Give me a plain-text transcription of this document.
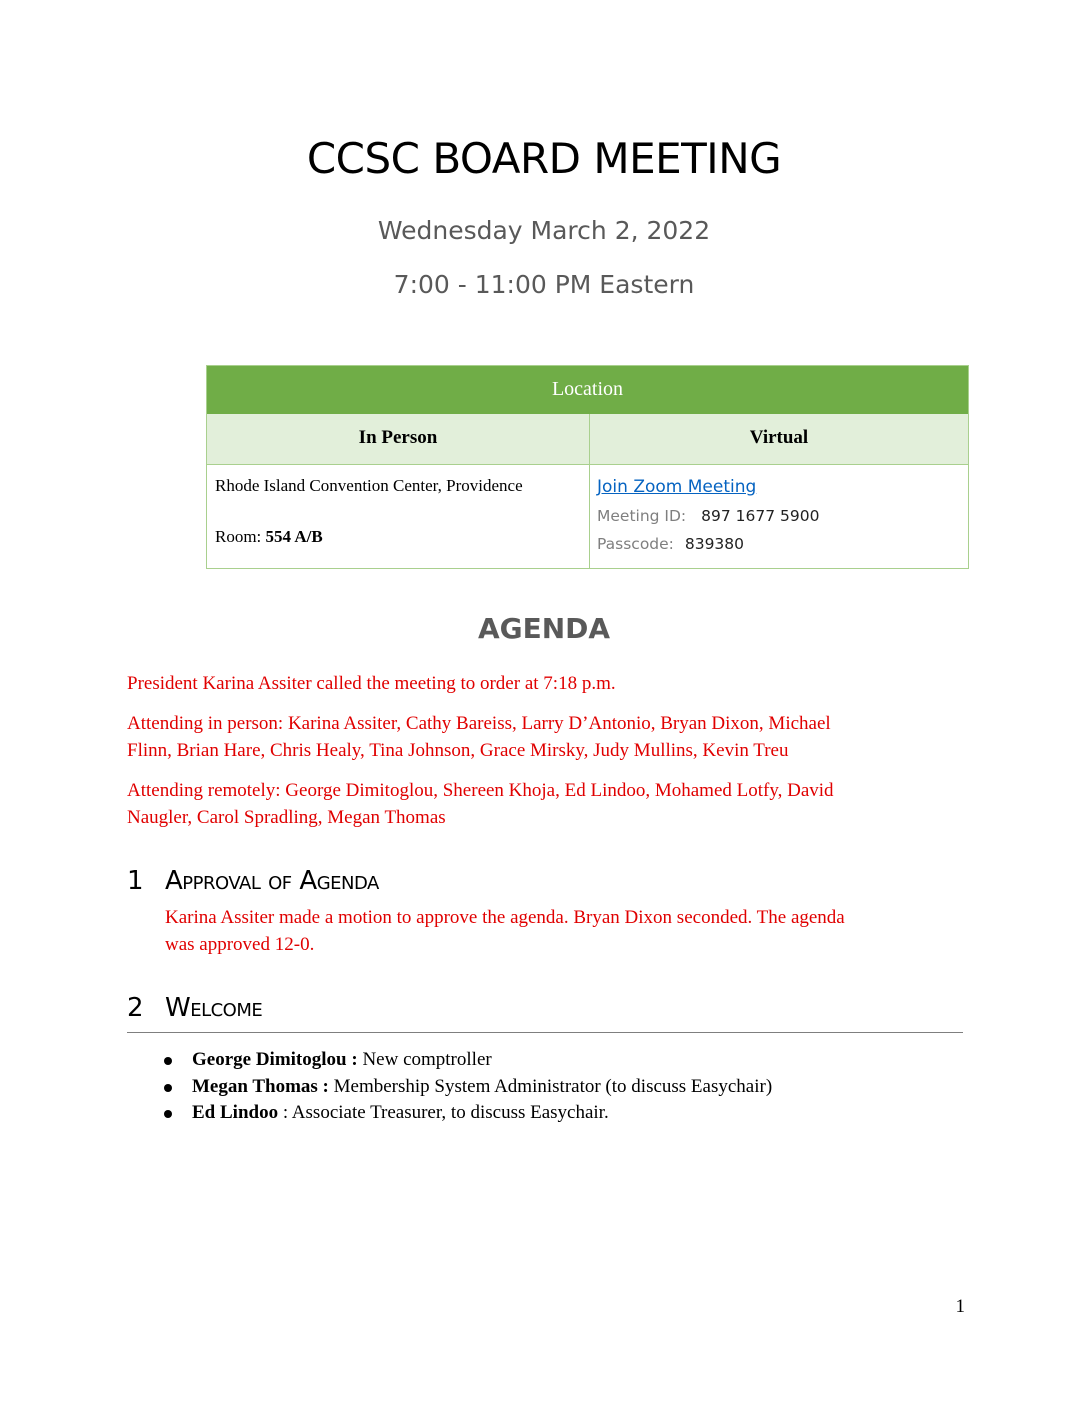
CCSC BOARD MEETING
Wednesday March 2, 2022
7:00 - 11:00 PM Eastern
Location
In Person	Virtual
Rhode Island Convention Center, Providence
Room: 554 A/B
Join Zoom Meeting
Meeting ID: 897 1677 5900
Passcode: 839380
AGENDA
President Karina Assiter called the meeting to order at 7:18 p.m.
Attending in person: Karina Assiter, Cathy Bareiss, Larry D’Antonio, Bryan Dixon, Michael
Flinn, Brian Hare, Chris Healy, Tina Johnson, Grace Mirsky, Judy Mullins, Kevin Treu
Attending remotely: George Dimitoglou, Shereen Khoja, Ed Lindoo, Mohamed Lotfy, David
Naugler, Carol Spradling, Megan Thomas
1 Approval of Agenda
Karina Assiter made a motion to approve the agenda. Bryan Dixon seconded. The agenda
was approved 12-0.
2 Welcome
George Dimitoglou : New comptroller
Megan Thomas : Membership System Administrator (to discuss Easychair)
Ed Lindoo : Associate Treasurer, to discuss Easychair.
1
